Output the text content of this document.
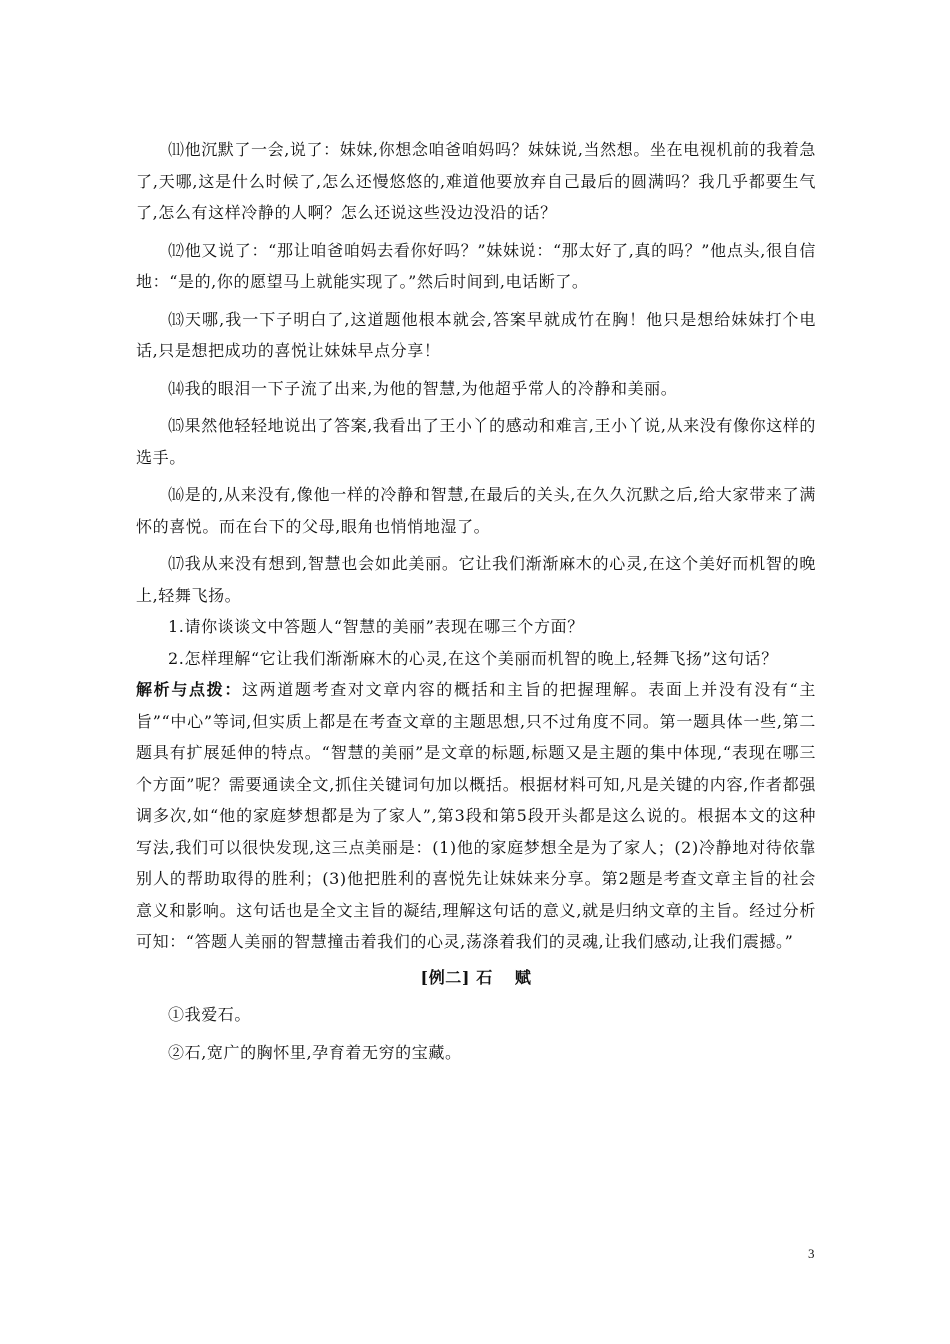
⑾他沉默了一会,说了：妹妹,你想念咱爸咱妈吗？妹妹说,当然想。坐在电视机前的我着急了,天哪,这是什么时候了,怎么还慢悠悠的,难道他要放弃自己最后的圆满吗？我几乎都要生气了,怎么有这样冷静的人啊？怎么还说这些没边没沿的话？

⑿他又说了：“那让咱爸咱妈去看你好吗？”妹妹说：“那太好了,真的吗？”他点头,很自信地：“是的,你的愿望马上就能实现了。”然后时间到,电话断了。

⒀天哪,我一下子明白了,这道题他根本就会,答案早就成竹在胸！他只是想给妹妹打个电话,只是想把成功的喜悦让妹妹早点分享！

⒁我的眼泪一下子流了出来,为他的智慧,为他超乎常人的冷静和美丽。

⒂果然他轻轻地说出了答案,我看出了王小丫的感动和难言,王小丫说,从来没有像你这样的选手。

⒃是的,从来没有,像他一样的冷静和智慧,在最后的关头,在久久沉默之后,给大家带来了满怀的喜悦。而在台下的父母,眼角也悄悄地湿了。

⒄我从来没有想到,智慧也会如此美丽。它让我们渐渐麻木的心灵,在这个美好而机智的晚上,轻舞飞扬。

1.请你谈谈文中答题人“智慧的美丽”表现在哪三个方面？

2.怎样理解“它让我们渐渐麻木的心灵,在这个美丽而机智的晚上,轻舞飞扬”这句话？

解析与点拨：这两道题考查对文章内容的概括和主旨的把握理解。表面上并没有没有“主旨”“中心”等词,但实质上都是在考查文章的主题思想,只不过角度不同。第一题具体一些,第二题具有扩展延伸的特点。“智慧的美丽”是文章的标题,标题又是主题的集中体现,“表现在哪三个方面”呢？需要通读全文,抓住关键词句加以概括。根据材料可知,凡是关键的内容,作者都强调多次,如“他的家庭梦想都是为了家人”,第3段和第5段开头都是这么说的。根据本文的这种写法,我们可以很快发现,这三点美丽是：(1)他的家庭梦想全是为了家人；(2)冷静地对待依靠别人的帮助取得的胜利；(3)他把胜利的喜悦先让妹妹来分享。第2题是考查文章主旨的社会意义和影响。这句话也是全文主旨的凝结,理解这句话的意义,就是归纳文章的主旨。经过分析可知：“答题人美丽的智慧撞击着我们的心灵,荡涤着我们的灵魂,让我们感动,让我们震撼。”

[例二] 石 赋

①我爱石。

②石,宽广的胸怀里,孕育着无穷的宝藏。

3
